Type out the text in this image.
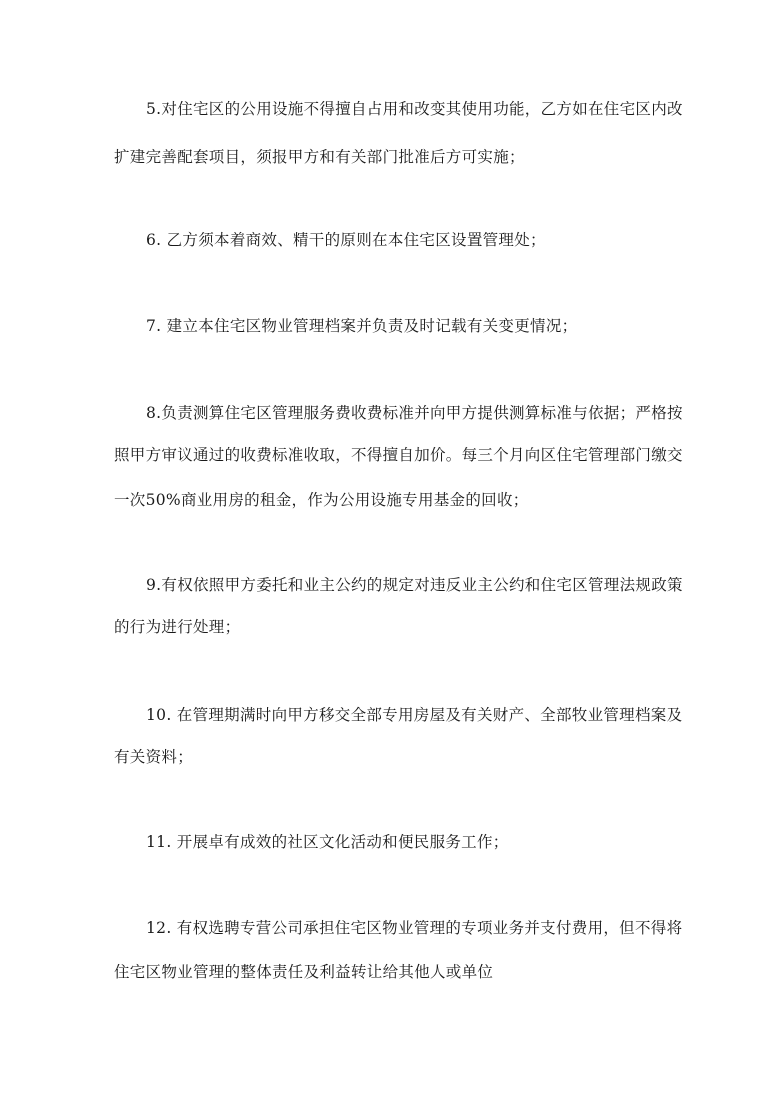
5.对住宅区的公用设施不得擅自占用和改变其使用功能，乙方如在住宅区内改
扩建完善配套项目，须报甲方和有关部门批准后方可实施；
6. 乙方须本着商效、精干的原则在本住宅区设置管理处；
7. 建立本住宅区物业管理档案并负责及时记载有关变更情况；
8.负责测算住宅区管理服务费收费标准并向甲方提供测算标准与依据；严格按
照甲方审议通过的收费标准收取，不得擅自加价。每三个月向区住宅管理部门缴交
一次50%商业用房的租金，作为公用设施专用基金的回收；
9.有权依照甲方委托和业主公约的规定对违反业主公约和住宅区管理法规政策
的行为进行处理；
10. 在管理期满时向甲方移交全部专用房屋及有关财产、全部牧业管理档案及
有关资料；
11. 开展卓有成效的社区文化活动和便民服务工作；
12. 有权选聘专营公司承担住宅区物业管理的专项业务并支付费用，但不得将
住宅区物业管理的整体责任及利益转让给其他人或单位
